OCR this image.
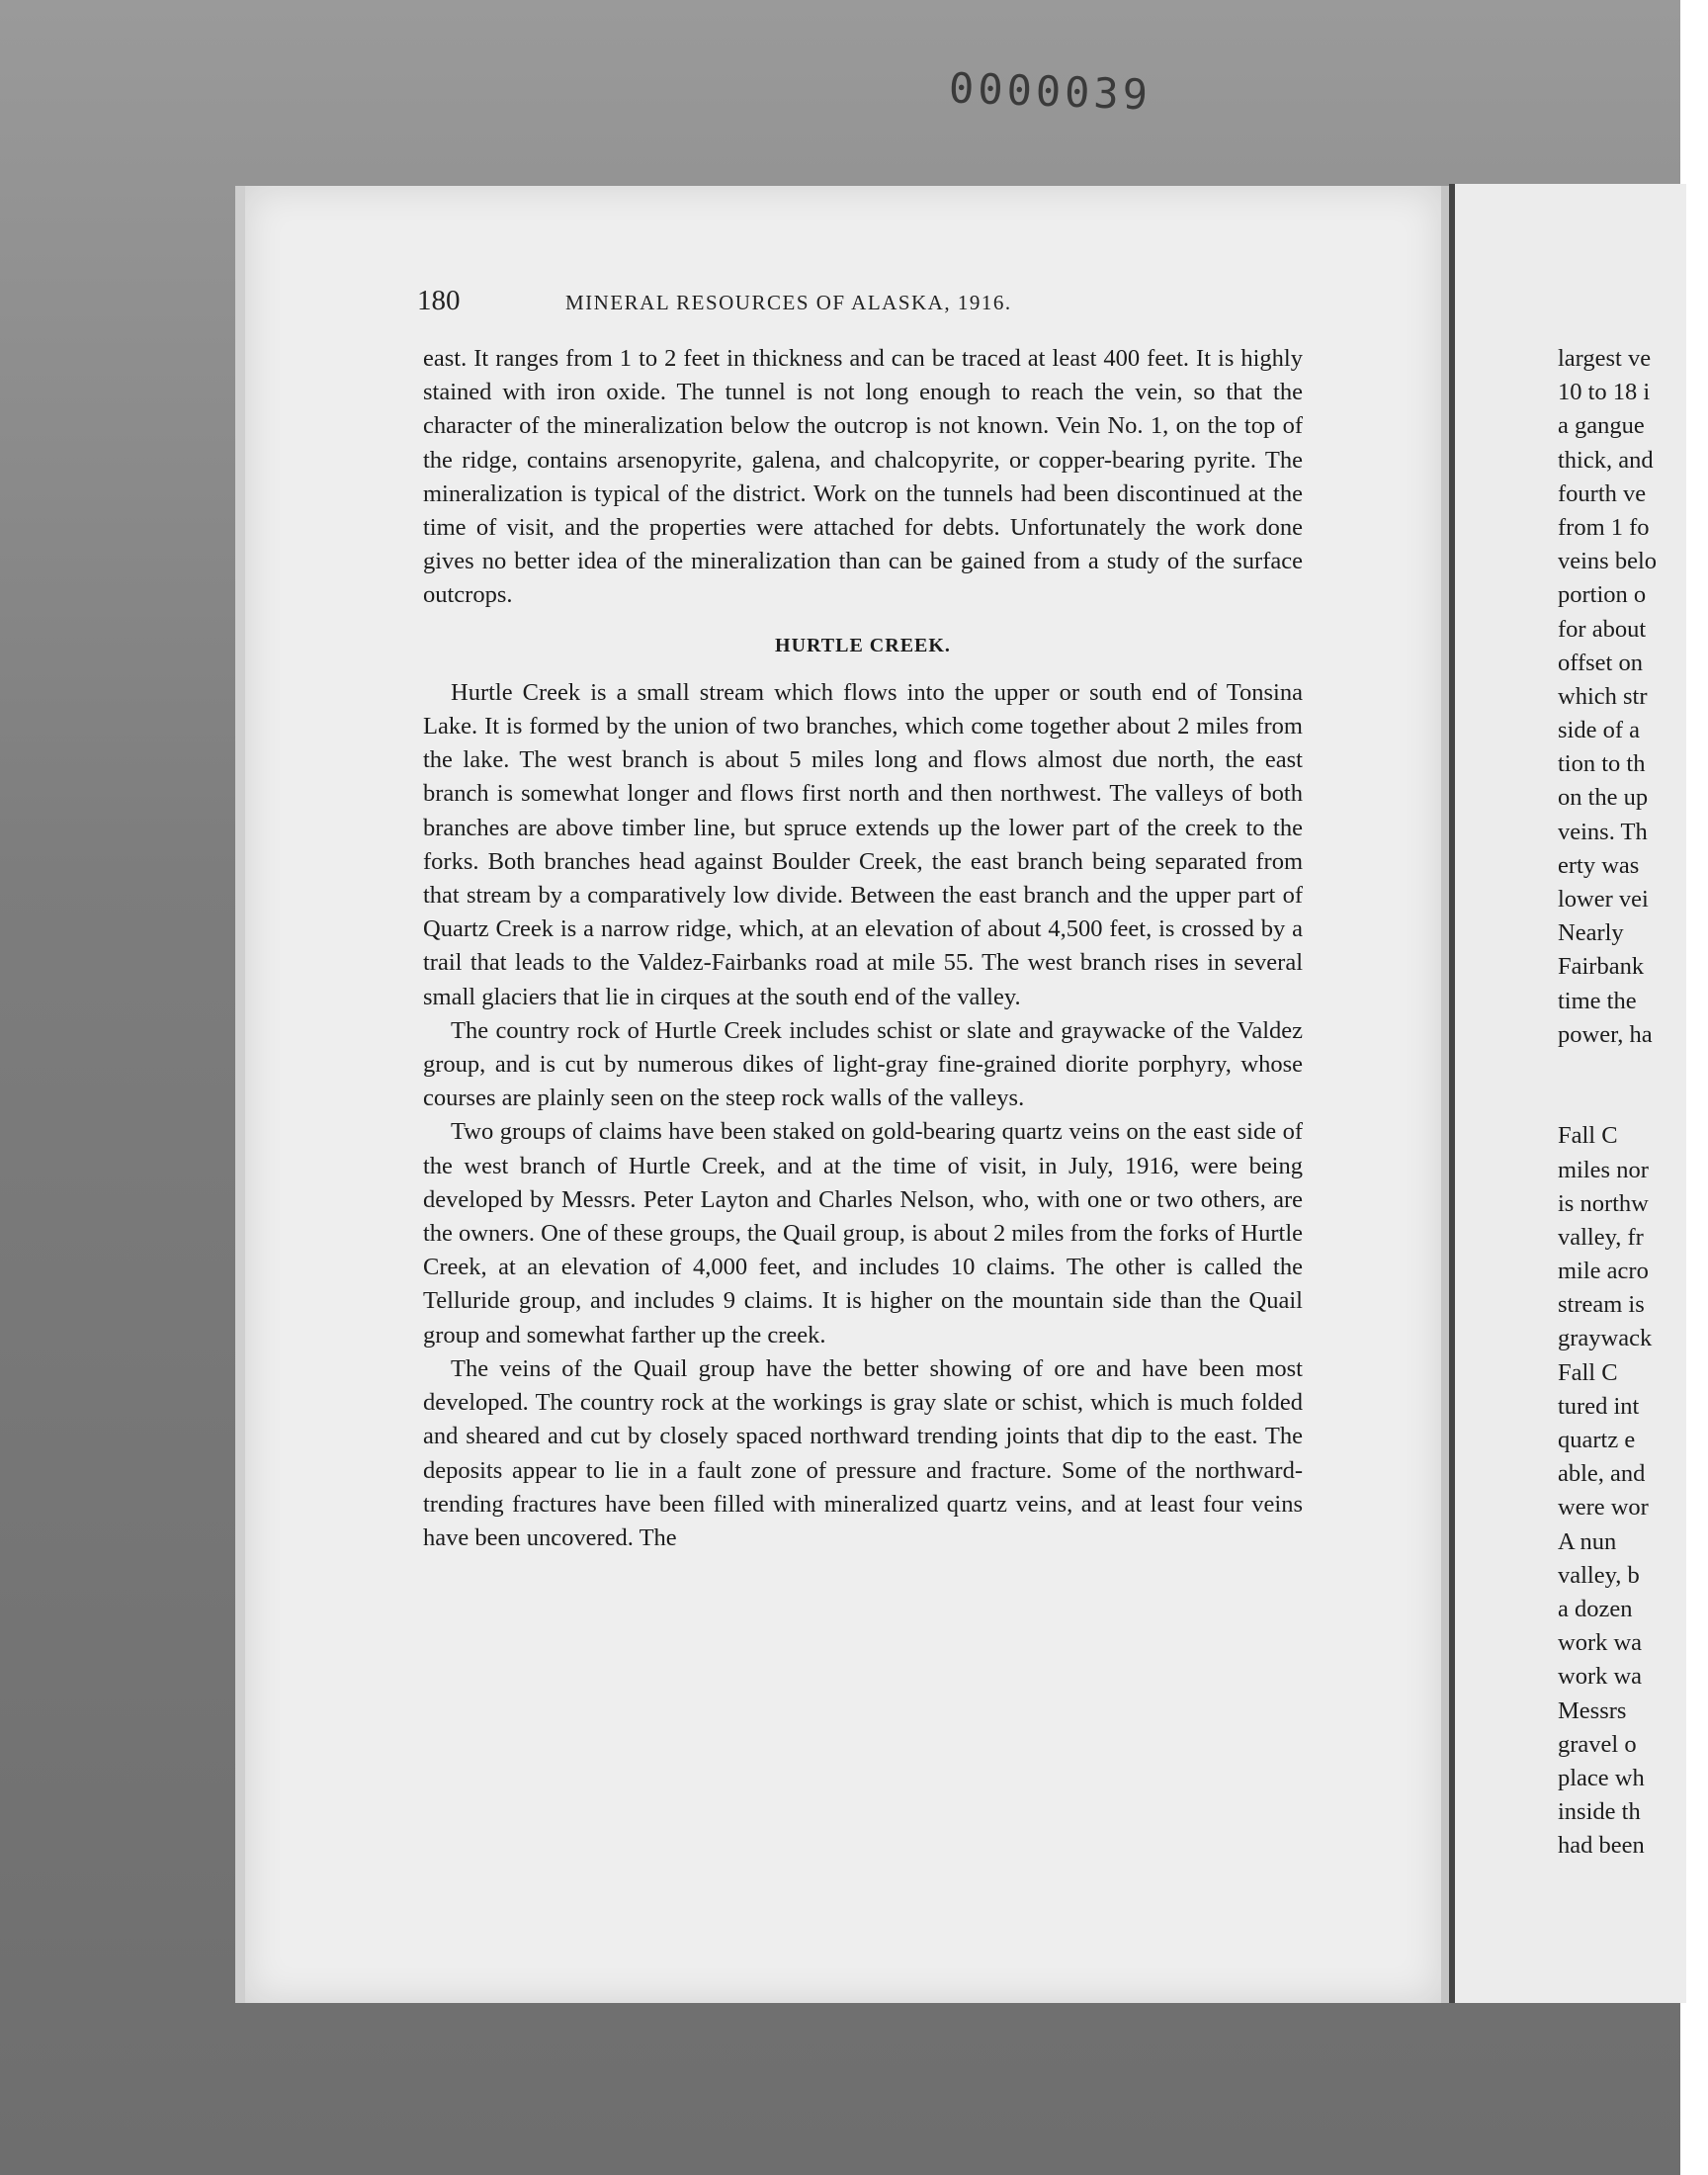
0000039
180	MINERAL RESOURCES OF ALASKA, 1916.

east. It ranges from 1 to 2 feet in thickness and can be traced at least 400 feet. It is highly stained with iron oxide. The tunnel is not long enough to reach the vein, so that the character of the mineralization below the outcrop is not known. Vein No. 1, on the top of the ridge, contains arsenopyrite, galena, and chalcopyrite, or copper-bearing pyrite. The mineralization is typical of the district. Work on the tunnels had been discontinued at the time of visit, and the properties were attached for debts. Unfortunately the work done gives no better idea of the mineralization than can be gained from a study of the surface outcrops.

HURTLE CREEK.

Hurtle Creek is a small stream which flows into the upper or south end of Tonsina Lake. It is formed by the union of two branches, which come together about 2 miles from the lake. The west branch is about 5 miles long and flows almost due north, the east branch is somewhat longer and flows first north and then northwest. The valleys of both branches are above timber line, but spruce extends up the lower part of the creek to the forks. Both branches head against Boulder Creek, the east branch being separated from that stream by a comparatively low divide. Between the east branch and the upper part of Quartz Creek is a narrow ridge, which, at an elevation of about 4,500 feet, is crossed by a trail that leads to the Valdez-Fairbanks road at mile 55. The west branch rises in several small glaciers that lie in cirques at the south end of the valley.

The country rock of Hurtle Creek includes schist or slate and graywacke of the Valdez group, and is cut by numerous dikes of light-gray fine-grained diorite porphyry, whose courses are plainly seen on the steep rock walls of the valleys.

Two groups of claims have been staked on gold-bearing quartz veins on the east side of the west branch of Hurtle Creek, and at the time of visit, in July, 1916, were being developed by Messrs. Peter Layton and Charles Nelson, who, with one or two others, are the owners. One of these groups, the Quail group, is about 2 miles from the forks of Hurtle Creek, at an elevation of 4,000 feet, and includes 10 claims. The other is called the Telluride group, and includes 9 claims. It is higher on the mountain side than the Quail group and somewhat farther up the creek.

The veins of the Quail group have the better showing of ore and have been most developed. The country rock at the workings is gray slate or schist, which is much folded and sheared and cut by closely spaced northward trending joints that dip to the east. The deposits appear to lie in a fault zone of pressure and fracture. Some of the northward-trending fractures have been filled with mineralized quartz veins, and at least four veins have been uncovered. The

largest ve
10 to 18 i
a gangue
thick, and
fourth ve
from 1 fo
veins belo
portion o
for about
offset on
which str
side of a
tion to th
on the up
veins. Th
erty was
lower vei
Nearly
Fairbank
time the
power, ha
Fall C
miles nor
is northw
valley, fr
mile acro
stream is
graywack
Fall C
tured int
quartz e
able, and
were wor
A nun
valley, b
a dozen
work wa
work wa
Messrs
gravel o
place wh
inside th
had been
